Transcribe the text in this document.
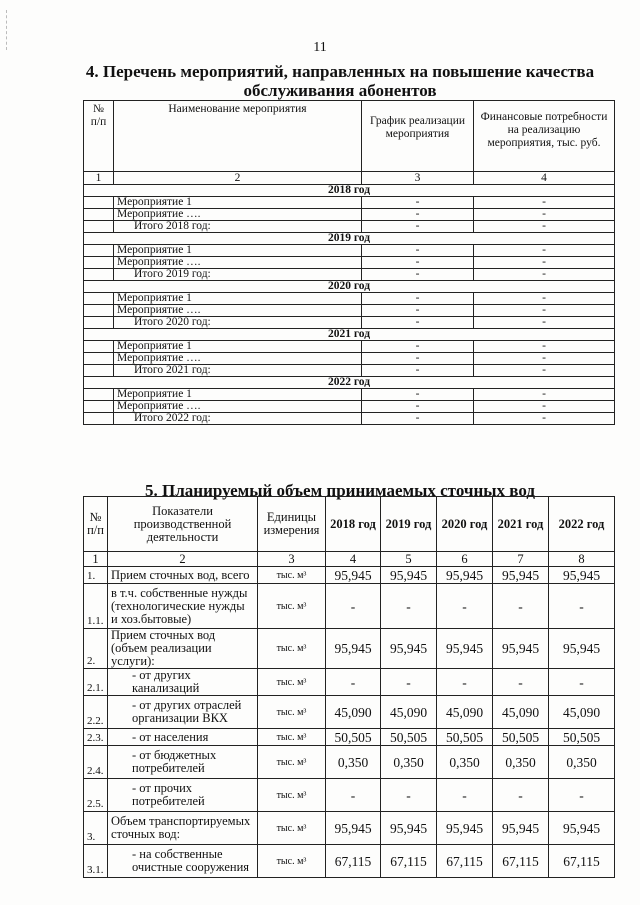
11
4. Перечень мероприятий, направленных на повышение качества обслуживания абонентов
№ п/п	Наименование мероприятия	График реализации мероприятия	Финансовые потребности на реализацию мероприятия, тыс. руб.
1	2	3	4
2018 год			
	Мероприятие 1	-	-
	Мероприятие ….	-	-
	Итого 2018 год:	-	-
2019 год			
	Мероприятие 1	-	-
	Мероприятие ….	-	-
	Итого 2019 год:	-	-
2020 год			
	Мероприятие 1	-	-
	Мероприятие ….	-	-
	Итого 2020 год:	-	-
2021 год			
	Мероприятие 1	-	-
	Мероприятие ….	-	-
	Итого 2021 год:	-	-
2022 год			
	Мероприятие 1	-	-
	Мероприятие ….	-	-
	Итого 2022 год:	-	-
5. Планируемый объем принимаемых сточных вод
№ п/п	Показатели производственной деятельности	Единицы измерения	2018 год	2019 год	2020 год	2021 год	2022 год
1	2	3	4	5	6	7	8
1.	Прием сточных вод, всего	тыс. м³	95,945	95,945	95,945	95,945	95,945
1.1.	в т.ч. собственные нужды (технологические нужды и хоз.бытовые)	тыс. м³	-	-	-	-	-
2.	Прием сточных вод (объем реализации услуги):	тыс. м³	95,945	95,945	95,945	95,945	95,945
2.1.	- от других канализаций	тыс. м³	-	-	-	-	-
2.2.	- от других отраслей организации ВКХ	тыс. м³	45,090	45,090	45,090	45,090	45,090
2.3.	- от населения	тыс. м³	50,505	50,505	50,505	50,505	50,505
2.4.	- от бюджетных потребителей	тыс. м³	0,350	0,350	0,350	0,350	0,350
2.5.	- от прочих потребителей	тыс. м³	-	-	-	-	-
3.	Объем транспортируемых сточных вод:	тыс. м³	95,945	95,945	95,945	95,945	95,945
3.1.	- на собственные очистные сооружения	тыс. м³	67,115	67,115	67,115	67,115	67,115
